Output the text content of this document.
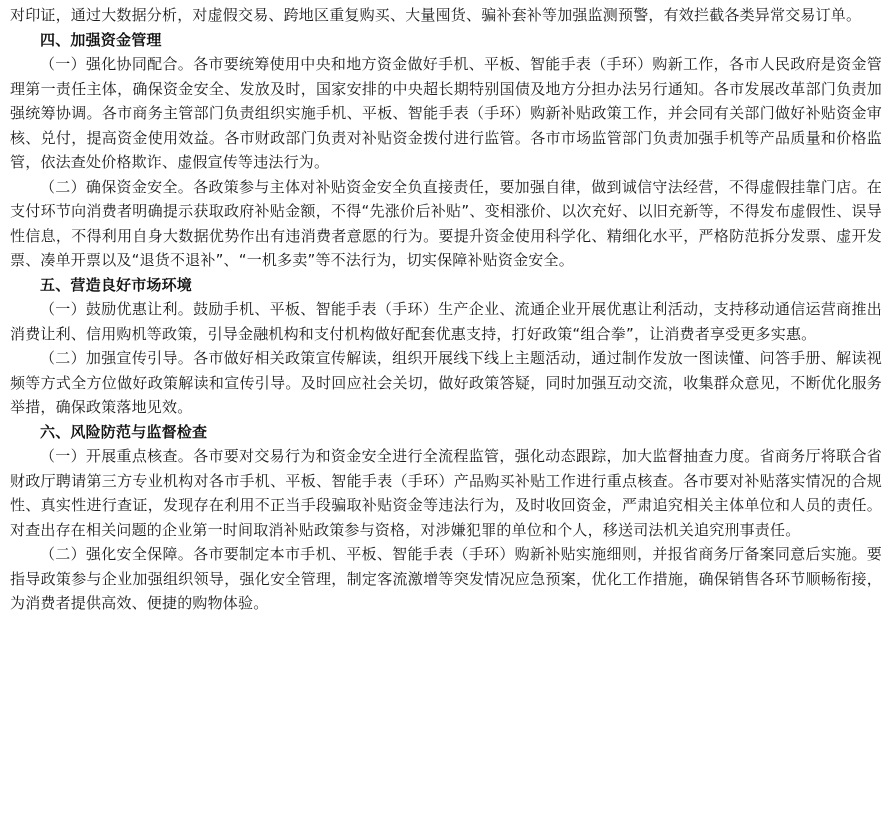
对印证，通过大数据分析，对虚假交易、跨地区重复购买、大量囤货、骗补套补等加强监测预警，有效拦截各类异常交易订单。

四、加强资金管理

（一）强化协同配合。各市要统筹使用中央和地方资金做好手机、平板、智能手表（手环）购新工作，各市人民政府是资金管理第一责任主体，确保资金安全、发放及时，国家安排的中央超长期特别国债及地方分担办法另行通知。各市发展改革部门负责加强统筹协调。各市商务主管部门负责组织实施手机、平板、智能手表（手环）购新补贴政策工作，并会同有关部门做好补贴资金审核、兑付，提高资金使用效益。各市财政部门负责对补贴资金拨付进行监管。各市市场监管部门负责加强手机等产品质量和价格监管，依法查处价格欺诈、虚假宣传等违法行为。

（二）确保资金安全。各政策参与主体对补贴资金安全负直接责任，要加强自律，做到诚信守法经营，不得虚假挂靠门店。在支付环节向消费者明确提示获取政府补贴金额，不得“先涨价后补贴”、变相涨价、以次充好、以旧充新等，不得发布虚假性、误导性信息，不得利用自身大数据优势作出有违消费者意愿的行为。要提升资金使用科学化、精细化水平，严格防范拆分发票、虚开发票、凑单开票以及“退货不退补”、“一机多卖”等不法行为，切实保障补贴资金安全。

五、营造良好市场环境

（一）鼓励优惠让利。鼓励手机、平板、智能手表（手环）生产企业、流通企业开展优惠让利活动，支持移动通信运营商推出消费让利、信用购机等政策，引导金融机构和支付机构做好配套优惠支持，打好政策“组合拳”，让消费者享受更多实惠。

（二）加强宣传引导。各市做好相关政策宣传解读，组织开展线下线上主题活动，通过制作发放一图读懂、问答手册、解读视频等方式全方位做好政策解读和宣传引导。及时回应社会关切，做好政策答疑，同时加强互动交流，收集群众意见，不断优化服务举措，确保政策落地见效。

六、风险防范与监督检查

（一）开展重点核查。各市要对交易行为和资金安全进行全流程监管，强化动态跟踪，加大监督抽查力度。省商务厅将联合省财政厅聘请第三方专业机构对各市手机、平板、智能手表（手环）产品购买补贴工作进行重点核查。各市要对补贴落实情况的合规性、真实性进行查证，发现存在利用不正当手段骗取补贴资金等违法行为，及时收回资金，严肃追究相关主体单位和人员的责任。对查出存在相关问题的企业第一时间取消补贴政策参与资格，对涉嫌犯罪的单位和个人，移送司法机关追究刑事责任。

（二）强化安全保障。各市要制定本市手机、平板、智能手表（手环）购新补贴实施细则，并报省商务厅备案同意后实施。要指导政策参与企业加强组织领导，强化安全管理，制定客流激增等突发情况应急预案，优化工作措施，确保销售各环节顺畅衔接，为消费者提供高效、便捷的购物体验。
